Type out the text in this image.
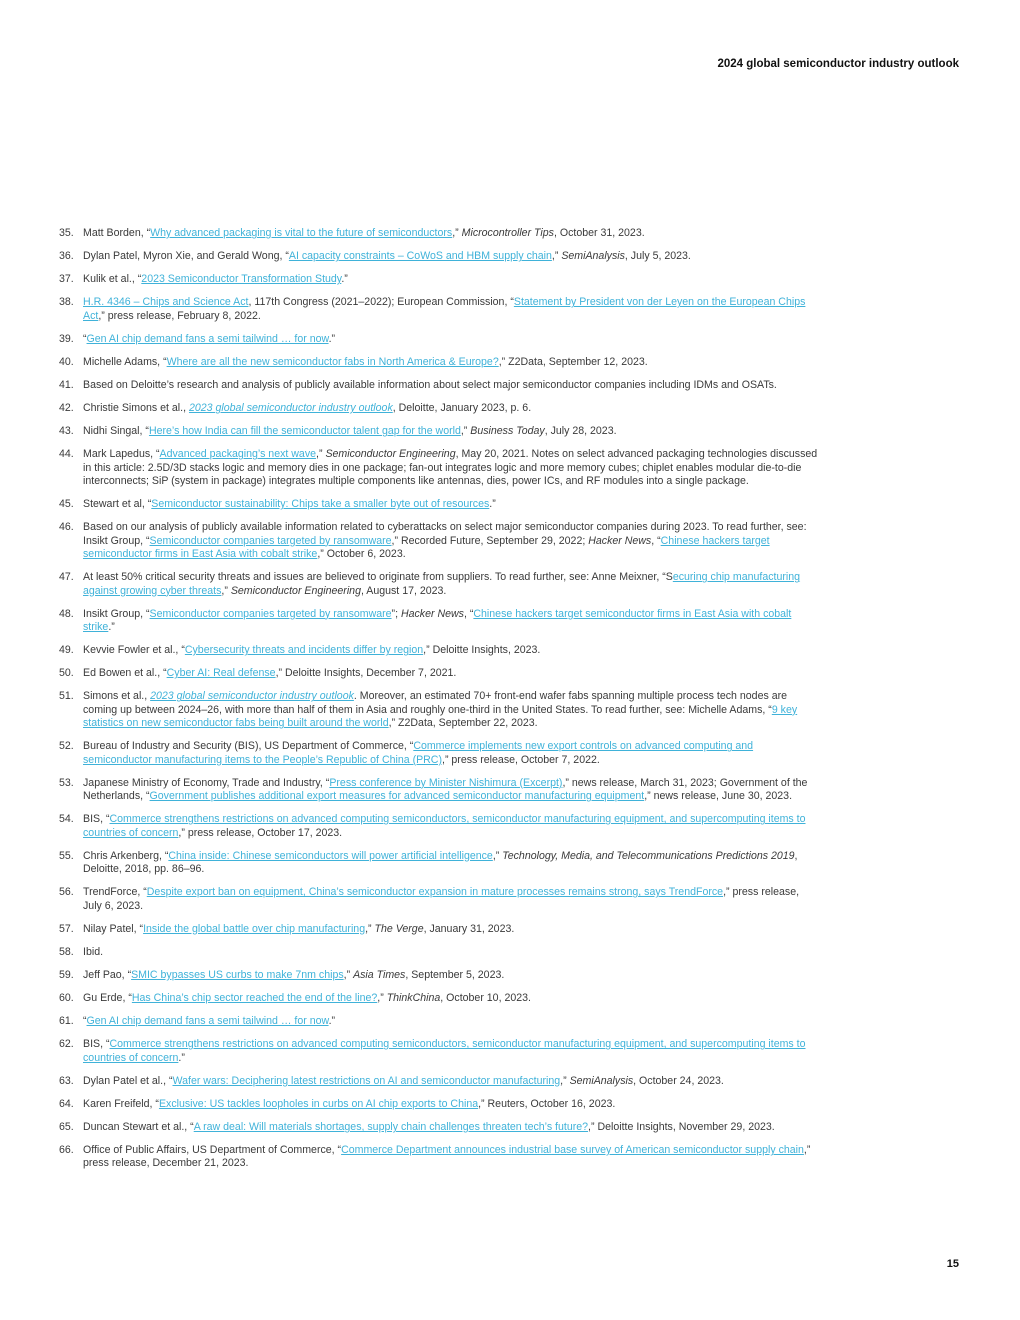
2024 global semiconductor industry outlook

35. Matt Borden, “Why advanced packaging is vital to the future of semiconductors,” Microcontroller Tips, October 31, 2023.
36. Dylan Patel, Myron Xie, and Gerald Wong, “AI capacity constraints – CoWoS and HBM supply chain,” SemiAnalysis, July 5, 2023.
37. Kulik et al., “2023 Semiconductor Transformation Study.”
38. H.R. 4346 – Chips and Science Act, 117th Congress (2021–2022); European Commission, “Statement by President von der Leyen on the European Chips Act,” press release, February 8, 2022.
39. “Gen AI chip demand fans a semi tailwind … for now.”
40. Michelle Adams, “Where are all the new semiconductor fabs in North America & Europe?,” Z2Data, September 12, 2023.
41. Based on Deloitte’s research and analysis of publicly available information about select major semiconductor companies including IDMs and OSATs.
42. Christie Simons et al., 2023 global semiconductor industry outlook, Deloitte, January 2023, p. 6.
43. Nidhi Singal, “Here’s how India can fill the semiconductor talent gap for the world,” Business Today, July 28, 2023.
44. Mark Lapedus, “Advanced packaging’s next wave,” Semiconductor Engineering, May 20, 2021. Notes on select advanced packaging technologies discussed in this article: 2.5D/3D stacks logic and memory dies in one package; fan-out integrates logic and more memory cubes; chiplet enables modular die-to-die interconnects; SiP (system in package) integrates multiple components like antennas, dies, power ICs, and RF modules into a single package.
45. Stewart et al, “Semiconductor sustainability: Chips take a smaller byte out of resources.”
46. Based on our analysis of publicly available information related to cyberattacks on select major semiconductor companies during 2023. To read further, see: Insikt Group, “Semiconductor companies targeted by ransomware,” Recorded Future, September 29, 2022; Hacker News, “Chinese hackers target semiconductor firms in East Asia with cobalt strike,” October 6, 2023.
47. At least 50% critical security threats and issues are believed to originate from suppliers. To read further, see: Anne Meixner, “Securing chip manufacturing against growing cyber threats,” Semiconductor Engineering, August 17, 2023.
48. Insikt Group, “Semiconductor companies targeted by ransomware”; Hacker News, “Chinese hackers target semiconductor firms in East Asia with cobalt strike.”
49. Kevvie Fowler et al., “Cybersecurity threats and incidents differ by region,” Deloitte Insights, 2023.
50. Ed Bowen et al., “Cyber AI: Real defense,” Deloitte Insights, December 7, 2021.
51. Simons et al., 2023 global semiconductor industry outlook. Moreover, an estimated 70+ front-end wafer fabs spanning multiple process tech nodes are coming up between 2024–26, with more than half of them in Asia and roughly one-third in the United States. To read further, see: Michelle Adams, “9 key statistics on new semiconductor fabs being built around the world,” Z2Data, September 22, 2023.
52. Bureau of Industry and Security (BIS), US Department of Commerce, “Commerce implements new export controls on advanced computing and semiconductor manufacturing items to the People’s Republic of China (PRC),” press release, October 7, 2022.
53. Japanese Ministry of Economy, Trade and Industry, “Press conference by Minister Nishimura (Excerpt),” news release, March 31, 2023; Government of the Netherlands, “Government publishes additional export measures for advanced semiconductor manufacturing equipment,” news release, June 30, 2023.
54. BIS, “Commerce strengthens restrictions on advanced computing semiconductors, semiconductor manufacturing equipment, and supercomputing items to countries of concern,” press release, October 17, 2023.
55. Chris Arkenberg, “China inside: Chinese semiconductors will power artificial intelligence,” Technology, Media, and Telecommunications Predictions 2019, Deloitte, 2018, pp. 86–96.
56. TrendForce, “Despite export ban on equipment, China’s semiconductor expansion in mature processes remains strong, says TrendForce,” press release, July 6, 2023.
57. Nilay Patel, “Inside the global battle over chip manufacturing,” The Verge, January 31, 2023.
58. Ibid.
59. Jeff Pao, “SMIC bypasses US curbs to make 7nm chips,” Asia Times, September 5, 2023.
60. Gu Erde, “Has China’s chip sector reached the end of the line?,” ThinkChina, October 10, 2023.
61. “Gen AI chip demand fans a semi tailwind … for now.”
62. BIS, “Commerce strengthens restrictions on advanced computing semiconductors, semiconductor manufacturing equipment, and supercomputing items to countries of concern.”
63. Dylan Patel et al., “Wafer wars: Deciphering latest restrictions on AI and semiconductor manufacturing,” SemiAnalysis, October 24, 2023.
64. Karen Freifeld, “Exclusive: US tackles loopholes in curbs on AI chip exports to China,” Reuters, October 16, 2023.
65. Duncan Stewart et al., “A raw deal: Will materials shortages, supply chain challenges threaten tech’s future?,” Deloitte Insights, November 29, 2023.
66. Office of Public Affairs, US Department of Commerce, “Commerce Department announces industrial base survey of American semiconductor supply chain,” press release, December 21, 2023.

15
